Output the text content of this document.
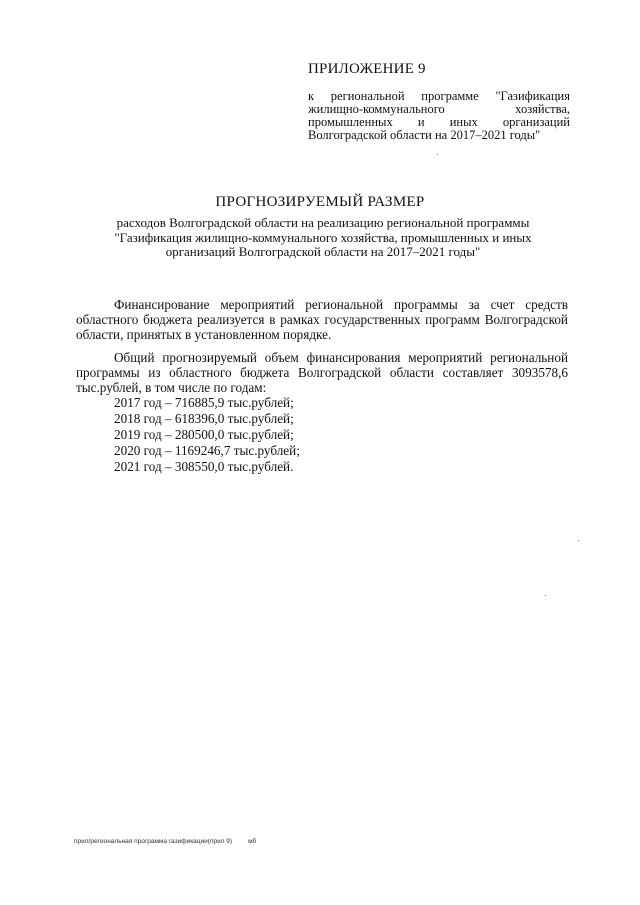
ПРИЛОЖЕНИЕ 9
к региональной программе "Газификация жилищно-коммунального хозяйства, промышленных и иных организаций Волгоградской области на 2017–2021 годы"
ПРОГНОЗИРУЕМЫЙ РАЗМЕР
расходов Волгоградской области на реализацию региональной программы "Газификация жилищно-коммунального хозяйства, промышленных и иных организаций Волгоградской области на 2017–2021 годы"

Финансирование мероприятий региональной программы за счет средств областного бюджета реализуется в рамках государственных программ Волгоградской области, принятых в установленном порядке.

Общий прогнозируемый объем финансирования мероприятий региональной программы из областного бюджета Волгоградской области составляет 3093578,6 тыс.рублей, в том числе по годам:

2017 год – 716885,9 тыс.рублей;
2018 год – 618396,0 тыс.рублей;
2019 год – 280500,0 тыс.рублей;
2020 год – 1169246,7 тыс.рублей;
2021 год – 308550,0 тыс.рублей.
прил/региональная программа газификации(прил 9) мб
